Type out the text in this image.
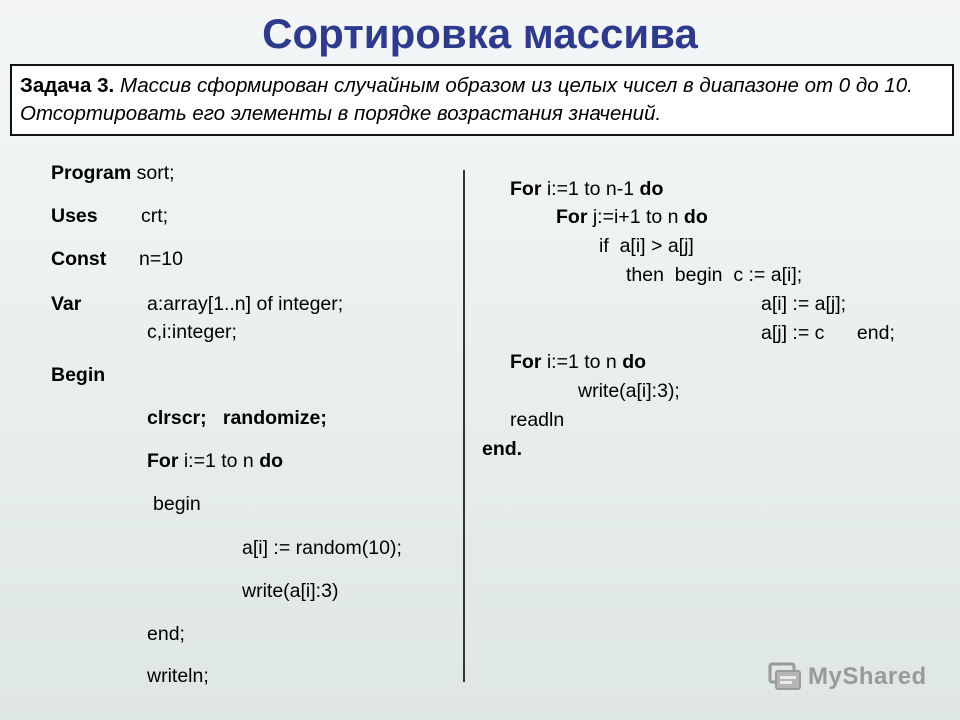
Сортировка массива
Задача 3. Массив сформирован случайным образом из целых чисел в диапазоне от 0 до 10. Отсортировать его элементы в порядке возрастания значений.
Program sort;
Uses crt;
Const n=10
Var	a:array[1..n] of integer;
c,i:integer;
Begin
clrscr;   randomize;
For i:=1 to n do
begin
a[i] := random(10);
write(a[i]:3)
end;
writeln;
For i:=1 to n-1 do
For j:=i+1 to n do
if  a[i] > a[j]
then  begin  c := a[i];
a[i] := a[j];
a[j] := c      end;
For i:=1 to n do
write(a[i]:3);
readln
end.
MyShared
